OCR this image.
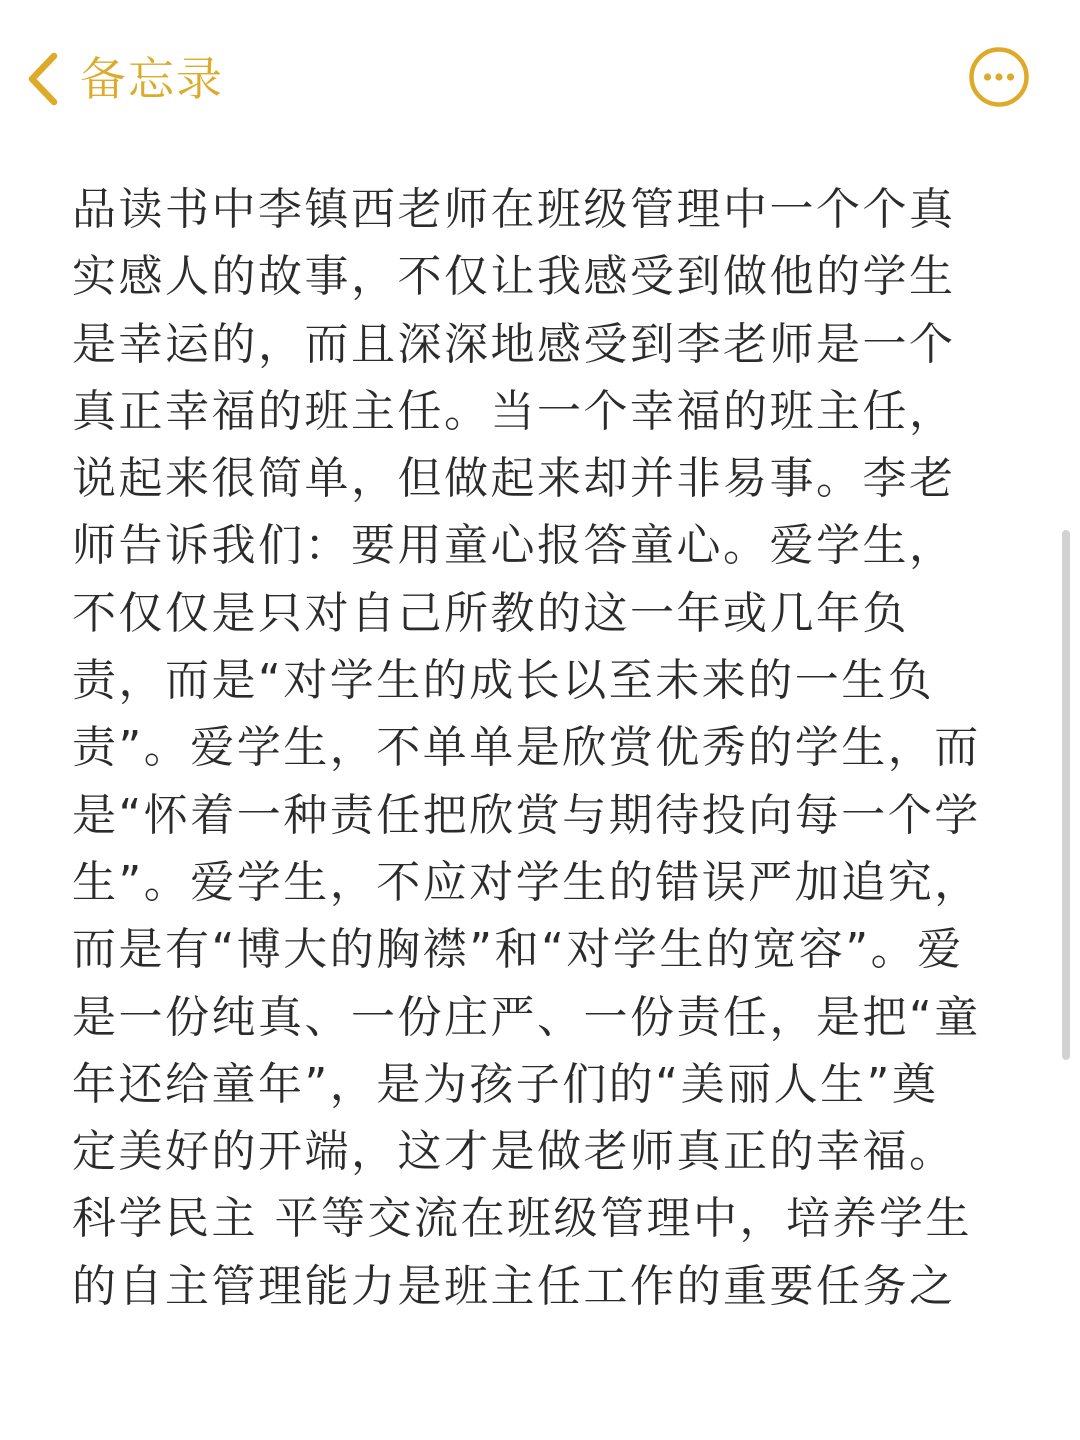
备忘录
品读书中李镇西老师在班级管理中一个个真
实感人的故事，不仅让我感受到做他的学生
是幸运的，而且深深地感受到李老师是一个
真正幸福的班主任。当一个幸福的班主任，
说起来很简单，但做起来却并非易事。李老
师告诉我们：要用童心报答童心。爱学生，
不仅仅是只对自己所教的这一年或几年负
责，而是“对学生的成长以至未来的一生负
责”。爱学生，不单单是欣赏优秀的学生，而
是“怀着一种责任把欣赏与期待投向每一个学
生”。爱学生，不应对学生的错误严加追究，
而是有“博大的胸襟”和“对学生的宽容”。爱
是一份纯真、一份庄严、一份责任，是把“童
年还给童年”，是为孩子们的“美丽人生”奠
定美好的开端，这才是做老师真正的幸福。
科学民主 平等交流在班级管理中，培养学生
的自主管理能力是班主任工作的重要任务之
